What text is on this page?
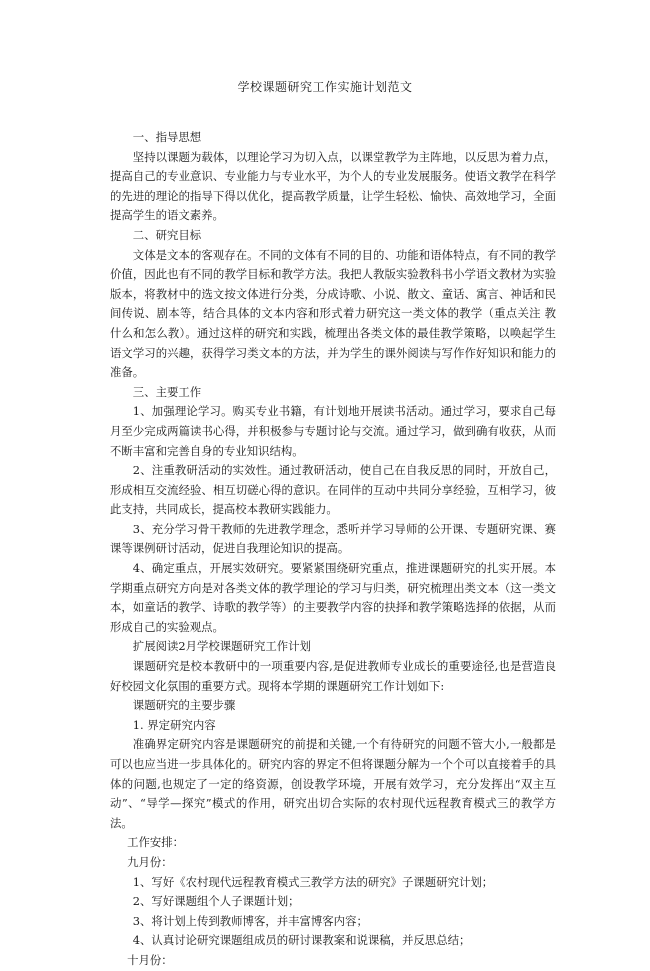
学校课题研究工作实施计划范文

一、指导思想

坚持以课题为载体，以理论学习为切入点，以课堂教学为主阵地，以反思为着力点，提高自己的专业意识、专业能力与专业水平，为个人的专业发展服务。使语文教学在科学的先进的理论的指导下得以优化，提高教学质量，让学生轻松、愉快、高效地学习，全面提高学生的语文素养。

二、研究目标

文体是文本的客观存在。不同的文体有不同的目的、功能和语体特点，有不同的教学价值，因此也有不同的教学目标和教学方法。我把人教版实验教科书小学语文教材为实验版本，将教材中的选文按文体进行分类，分成诗歌、小说、散文、童话、寓言、神话和民间传说、剧本等，结合具体的文本内容和形式着力研究这一类文体的教学（重点关注 教什么和怎么教）。通过这样的研究和实践，梳理出各类文体的最佳教学策略，以唤起学生语文学习的兴趣，获得学习类文本的方法，并为学生的课外阅读与写作作好知识和能力的准备。

三、主要工作

1、加强理论学习。购买专业书籍，有计划地开展读书活动。通过学习，要求自己每月至少完成两篇读书心得，并积极参与专题讨论与交流。通过学习，做到确有收获，从而不断丰富和完善自身的专业知识结构。

2、注重教研活动的实效性。通过教研活动，使自己在自我反思的同时，开放自己，形成相互交流经验、相互切磋心得的意识。在同伴的互动中共同分享经验，互相学习，彼此支持，共同成长，提高校本教研实践能力。

3、充分学习骨干教师的先进教学理念，悉听并学习导师的公开课、专题研究课、赛课等课例研讨活动，促进自我理论知识的提高。

4、确定重点，开展实效研究。要紧紧围绕研究重点，推进课题研究的扎实开展。本学期重点研究方向是对各类文体的教学理论的学习与归类，研究梳理出类文本（这一类文本，如童话的教学、诗歌的教学等）的主要教学内容的抉择和教学策略选择的依据，从而形成自己的实验观点。

扩展阅读2月学校课题研究工作计划

课题研究是校本教研中的一项重要内容,是促进教师专业成长的重要途径,也是营造良好校园文化氛围的重要方式。现将本学期的课题研究工作计划如下:

课题研究的主要步骤

1. 界定研究内容

准确界定研究内容是课题研究的前提和关键,一个有待研究的问题不管大小,一般都是可以也应当进一步具体化的。研究内容的界定不但将课题分解为一个个可以直接着手的具体的问题,也规定了一定的络资源，创设教学环境，开展有效学习，充分发挥出“双主互动”、“导学—探究”模式的作用，研究出切合实际的农村现代远程教育模式三的教学方法。

工作安排：

九月份：

1、写好《农村现代远程教育模式三教学方法的研究》子课题研究计划；

2、写好课题组个人子课题计划；

3、将计划上传到教师博客，并丰富博客内容；

4、认真讨论研究课题组成员的研讨课教案和说课稿，并反思总结；

十月份：
